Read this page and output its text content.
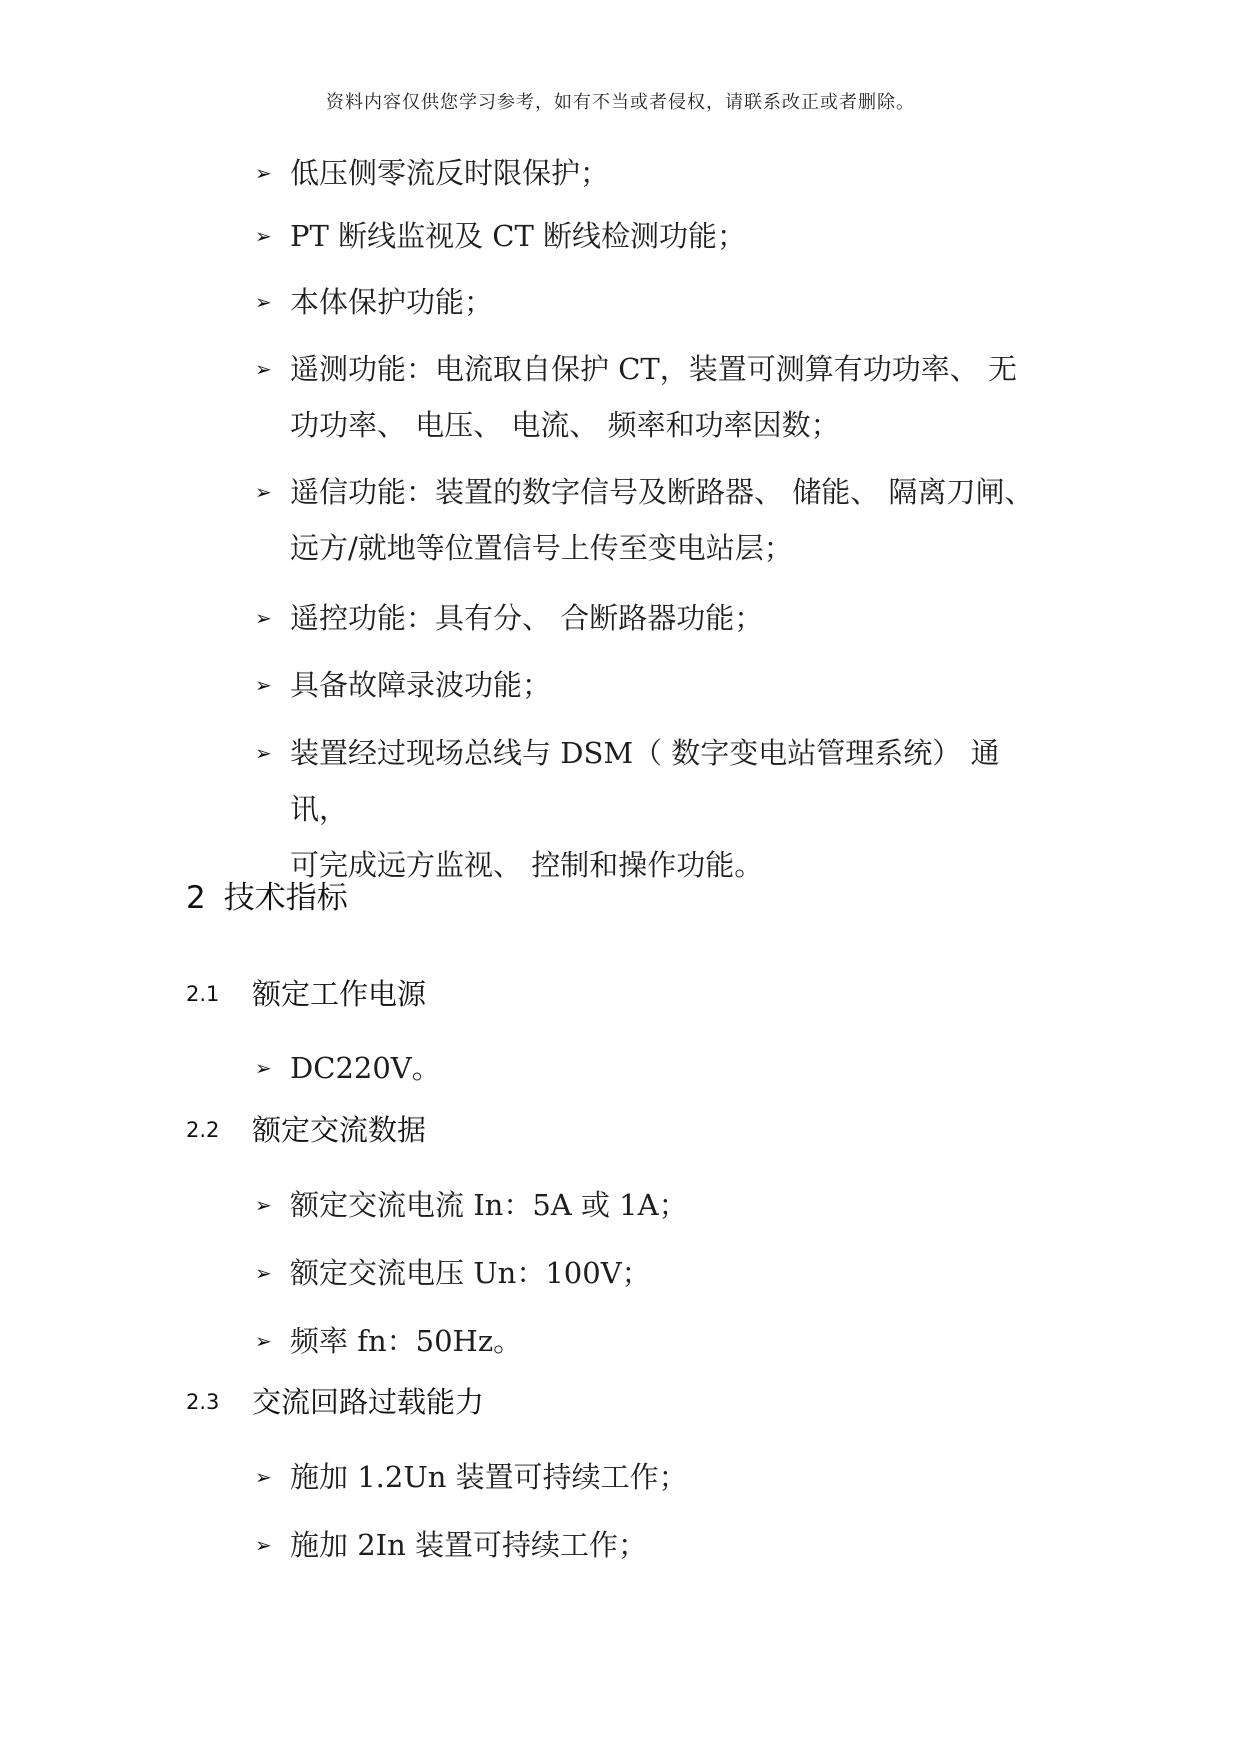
资料内容仅供您学习参考，如有不当或者侵权，请联系改正或者删除。
➢ 低压侧零流反时限保护；
➢ PT 断线监视及 CT 断线检测功能；
➢ 本体保护功能；
➢ 遥测功能：电流取自保护 CT，装置可测算有功功率、 无
功功率、 电压、 电流、 频率和功率因数；
➢ 遥信功能：装置的数字信号及断路器、 储能、 隔离刀闸、
远方/就地等位置信号上传至变电站层；
➢ 遥控功能：具有分、 合断路器功能；
➢ 具备故障录波功能；
➢ 装置经过现场总线与 DSM（ 数字变电站管理系统） 通讯，
可完成远方监视、 控制和操作功能。
2 技术指标
2.1 额定工作电源
➢ DC220V。
2.2 额定交流数据
➢ 额定交流电流 In：5A 或 1A；
➢ 额定交流电压 Un：100V；
➢ 频率 fn：50Hz。
2.3 交流回路过载能力
➢ 施加 1.2Un 装置可持续工作；
➢ 施加 2In 装置可持续工作；
